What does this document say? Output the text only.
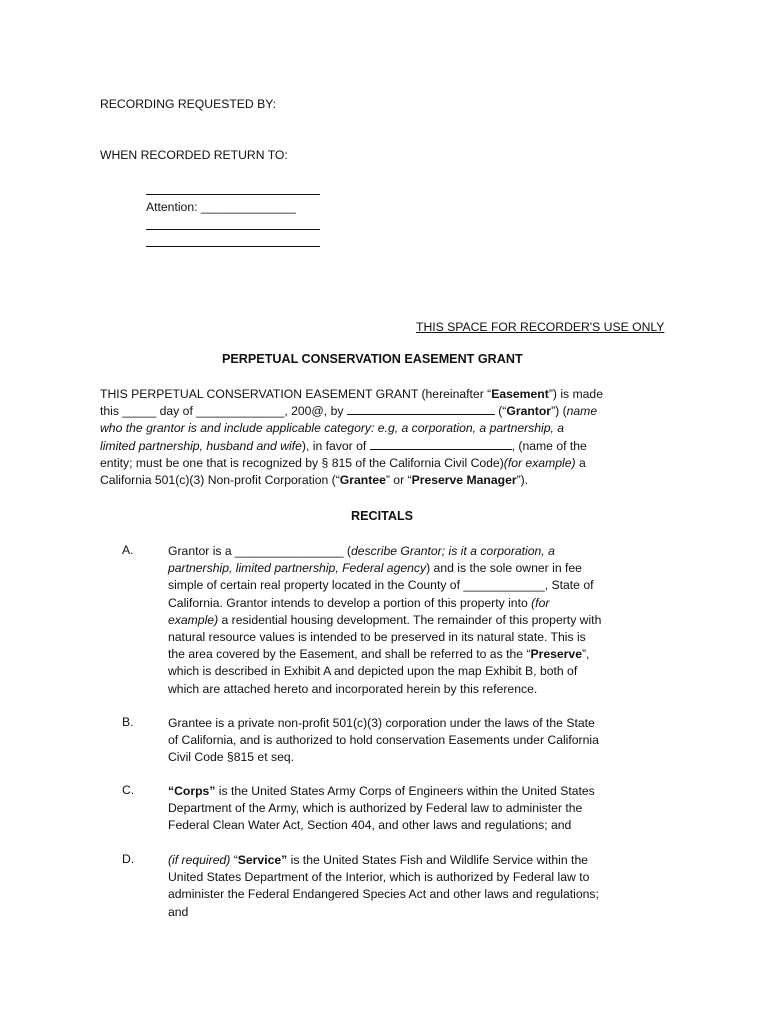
RECORDING REQUESTED BY:
WHEN RECORDED RETURN TO:
Attention: ______________
THIS SPACE FOR RECORDER'S USE ONLY
PERPETUAL CONSERVATION EASEMENT GRANT
THIS PERPETUAL CONSERVATION EASEMENT GRANT (hereinafter “Easement”) is made
this _____ day of _____________, 200@, by	(“Grantor”) (name
who the grantor is and include applicable category: e.g, a corporation, a partnership, a
limited partnership, husband and wife), in favor of	, (name of the
entity; must be one that is recognized by § 815 of the California Civil Code)(for example) a
California 501(c)(3) Non-profit Corporation (“Grantee” or “Preserve Manager”).
RECITALS
A.	Grantor is a ________________ (describe Grantor; is it a corporation, a
partnership, limited partnership, Federal agency) and is the sole owner in fee
simple of certain real property located in the County of ____________, State of
California. Grantor intends to develop a portion of this property into (for
example) a residential housing development. The remainder of this property with
natural resource values is intended to be preserved in its natural state. This is
the area covered by the Easement, and shall be referred to as the “Preserve”,
which is described in Exhibit A and depicted upon the map Exhibit B, both of
which are attached hereto and incorporated herein by this reference.
B.	Grantee is a private non-profit 501(c)(3) corporation under the laws of the State
of California, and is authorized to hold conservation Easements under California
Civil Code §815 et seq.
C.	“Corps” is the United States Army Corps of Engineers within the United States
Department of the Army, which is authorized by Federal law to administer the
Federal Clean Water Act, Section 404, and other laws and regulations; and
D.	(if required) “Service” is the United States Fish and Wildlife Service within the
United States Department of the Interior, which is authorized by Federal law to
administer the Federal Endangered Species Act and other laws and regulations;
and
